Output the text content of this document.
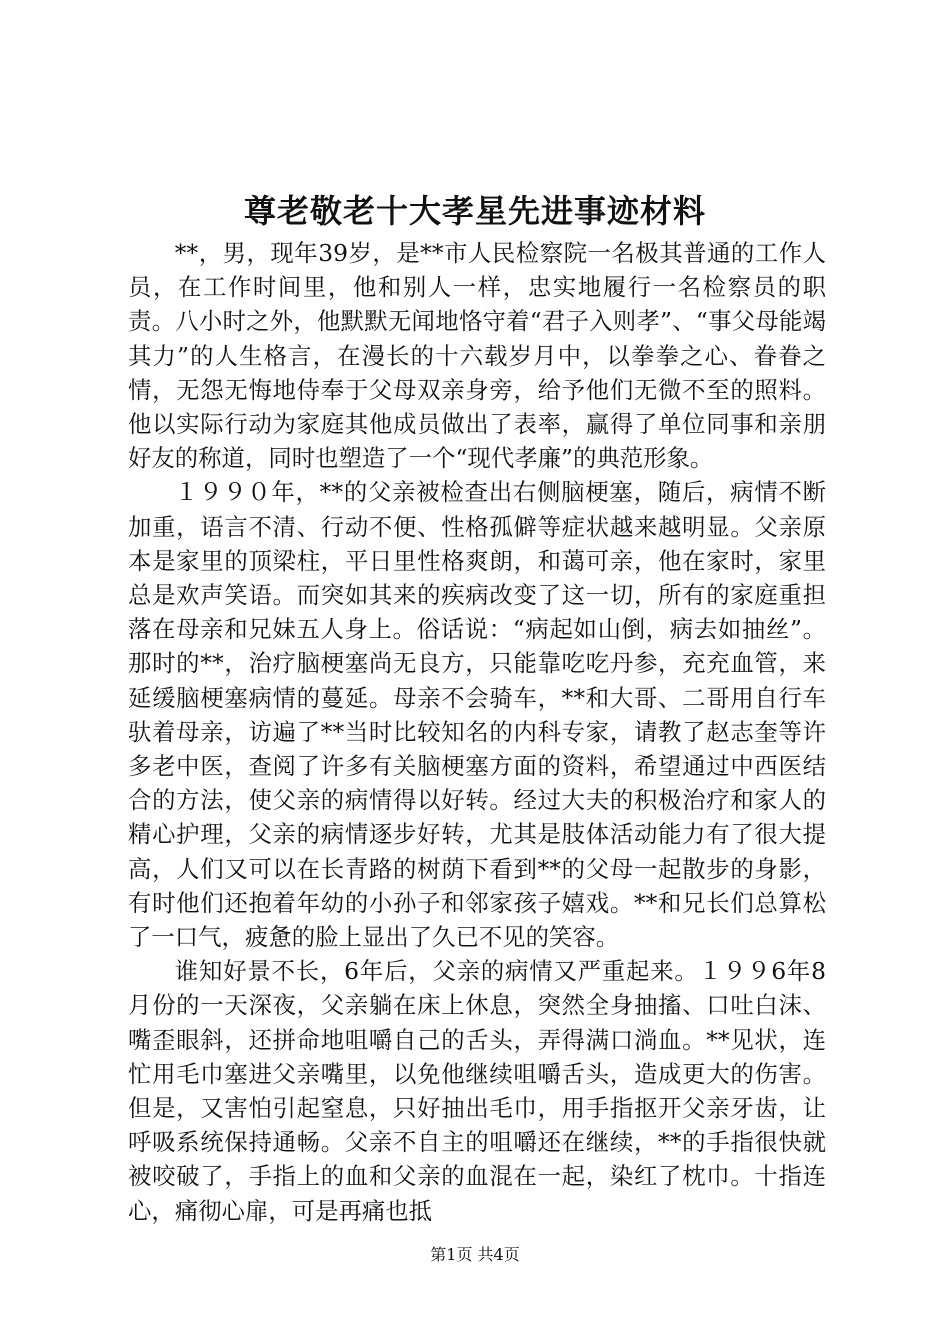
尊老敬老十大孝星先进事迹材料

**，男，现年39岁，是**市人民检察院一名极其普通的工作人员，在工作时间里，他和别人一样，忠实地履行一名检察员的职责。八小时之外，他默默无闻地恪守着“君子入则孝”、“事父母能竭其力”的人生格言，在漫长的十六载岁月中，以拳拳之心、眷眷之情，无怨无悔地侍奉于父母双亲身旁，给予他们无微不至的照料。他以实际行动为家庭其他成员做出了表率，赢得了单位同事和亲朋好友的称道，同时也塑造了一个“现代孝廉”的典范形象。

１９９０年，**的父亲被检查出右侧脑梗塞，随后，病情不断加重，语言不清、行动不便、性格孤僻等症状越来越明显。父亲原本是家里的顶梁柱，平日里性格爽朗，和蔼可亲，他在家时，家里总是欢声笑语。而突如其来的疾病改变了这一切，所有的家庭重担落在母亲和兄妹五人身上。俗话说：“病起如山倒，病去如抽丝”。那时的**，治疗脑梗塞尚无良方，只能靠吃吃丹参，充充血管，来延缓脑梗塞病情的蔓延。母亲不会骑车，**和大哥、二哥用自行车驮着母亲，访遍了**当时比较知名的内科专家，请教了赵志奎等许多老中医，查阅了许多有关脑梗塞方面的资料，希望通过中西医结合的方法，使父亲的病情得以好转。经过大夫的积极治疗和家人的精心护理，父亲的病情逐步好转，尤其是肢体活动能力有了很大提高，人们又可以在长青路的树荫下看到**的父母一起散步的身影，有时他们还抱着年幼的小孙子和邻家孩子嬉戏。**和兄长们总算松了一口气，疲惫的脸上显出了久已不见的笑容。

谁知好景不长，6年后，父亲的病情又严重起来。１９９6年8月份的一天深夜，父亲躺在床上休息，突然全身抽搐、口吐白沫、嘴歪眼斜，还拼命地咀嚼自己的舌头，弄得满口淌血。**见状，连忙用毛巾塞进父亲嘴里，以免他继续咀嚼舌头，造成更大的伤害。但是，又害怕引起窒息，只好抽出毛巾，用手指抠开父亲牙齿，让呼吸系统保持通畅。父亲不自主的咀嚼还在继续，**的手指很快就被咬破了，手指上的血和父亲的血混在一起，染红了枕巾。十指连心，痛彻心扉，可是再痛也抵

第1页 共4页
